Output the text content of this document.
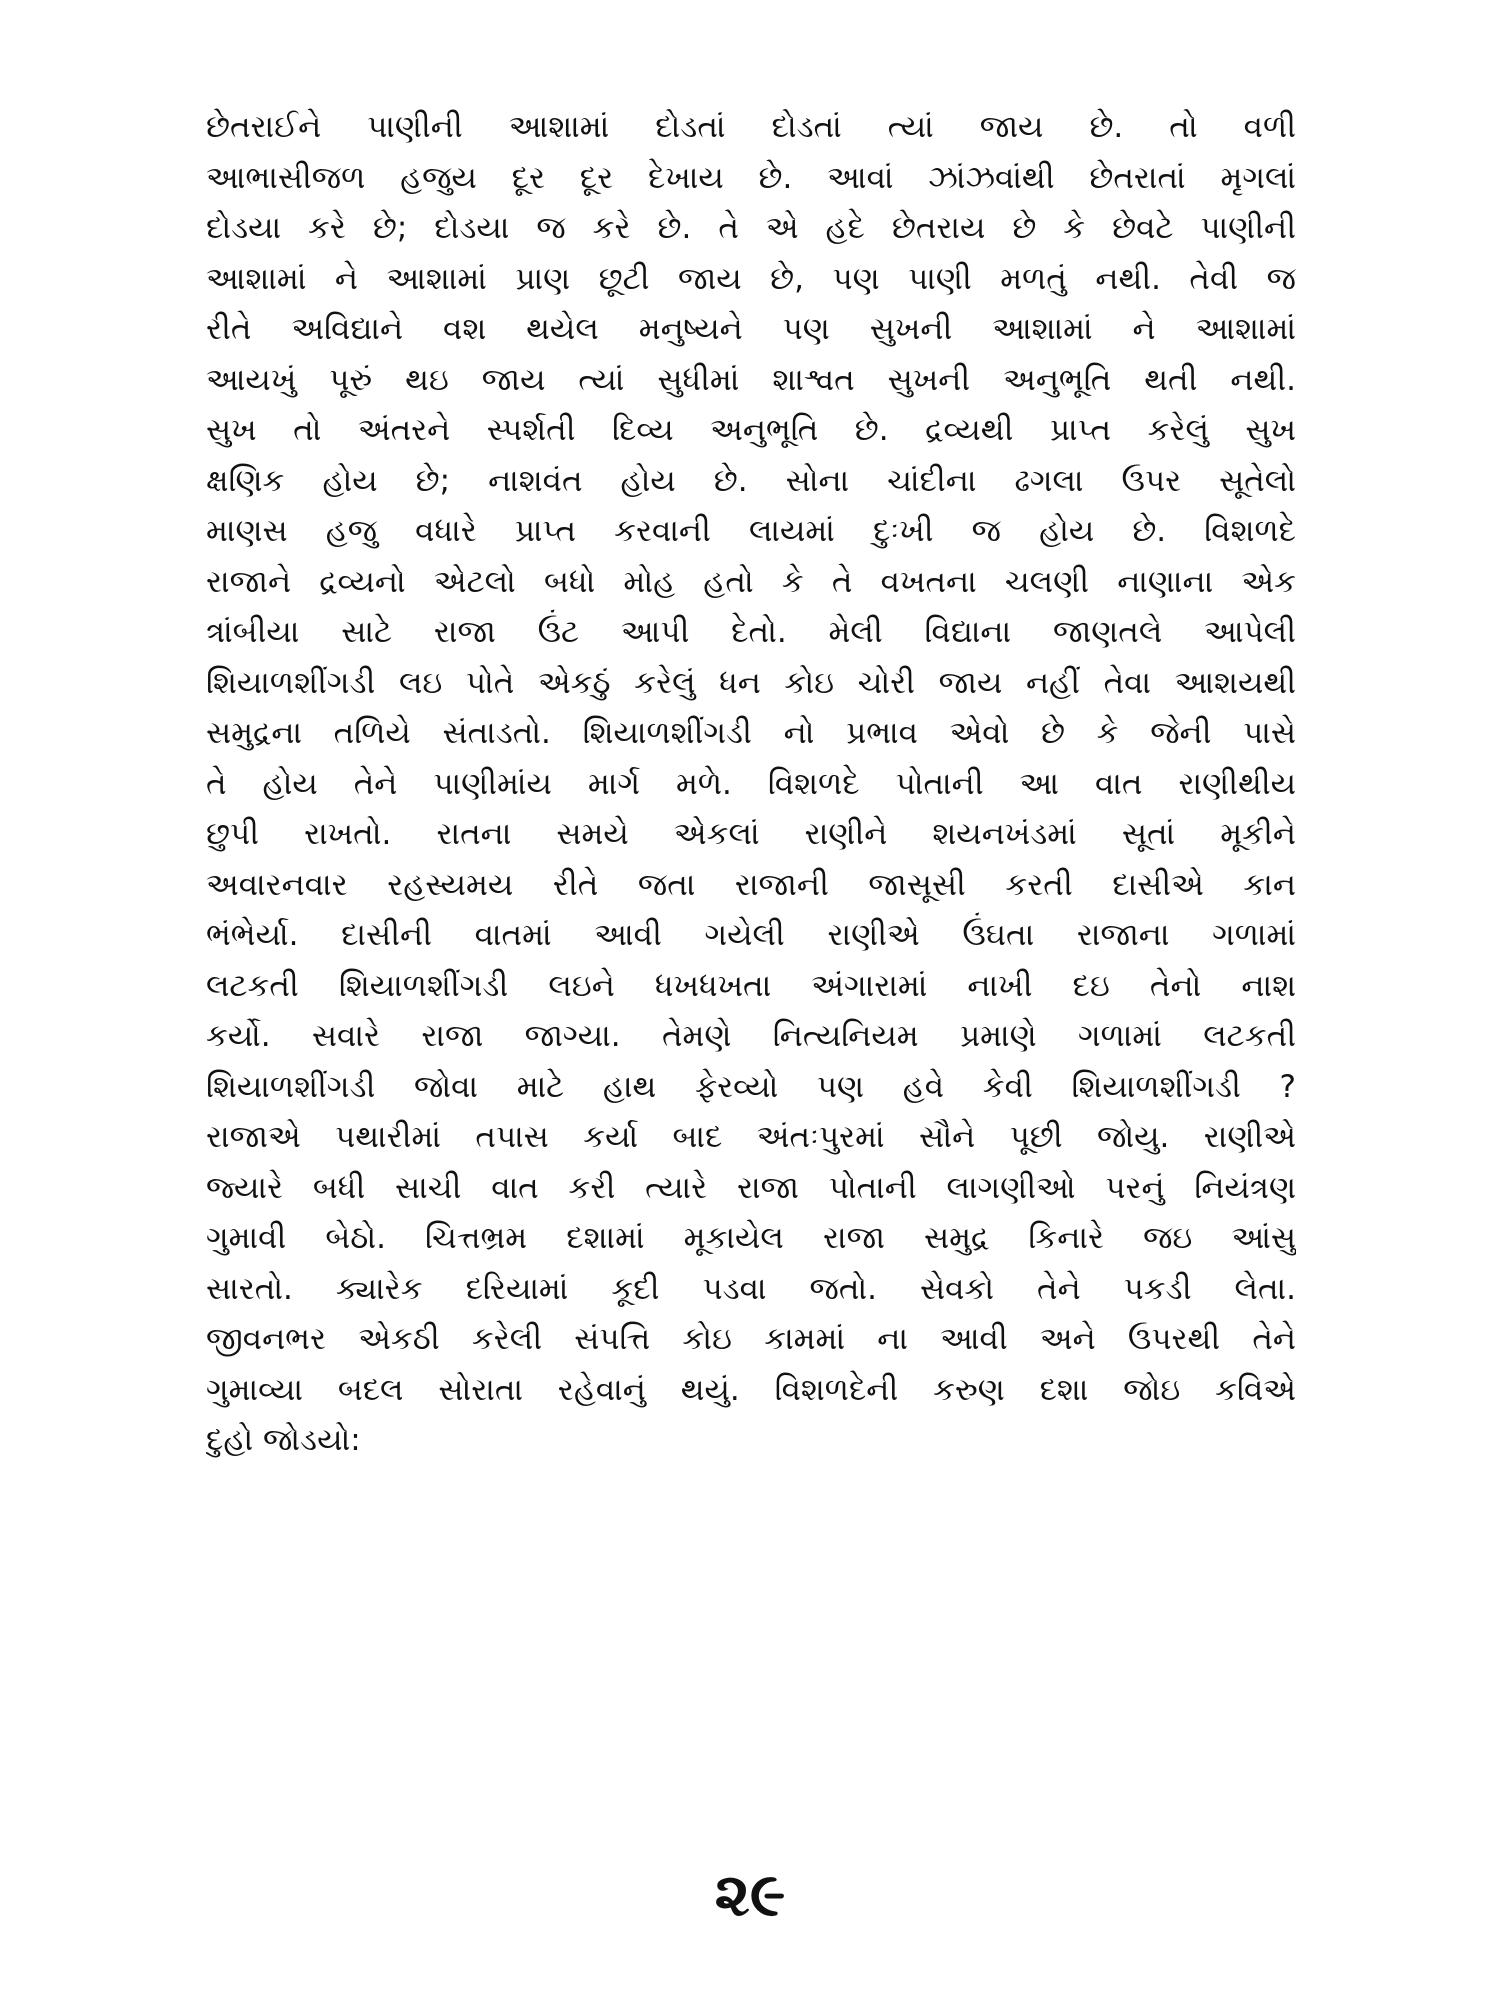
છેતરાઈને પાણીની આશામાં દોડતાં દોડતાં ત્યાં જાય છે. તો વળી
આભાસીજળ હજુય દૂર દૂર દેખાય છે. આવાં ઝાંઝવાંથી છેતરાતાં મૃગલાં
દોડયા કરે છે; દોડયા જ કરે છે. તે એ હદે છેતરાય છે કે છેવટે પાણીની
આશામાં ને આશામાં પ્રાણ છૂટી જાય છે, પણ પાણી મળતું નથી. તેવી જ
રીતે અવિદ્યાને વશ થયેલ મનુષ્યને પણ સુખની આશામાં ને આશામાં
આયખું પૂરું થઇ જાય ત્યાં સુધીમાં શાશ્વત સુખની અનુભૂતિ થતી નથી.
સુખ તો અંતરને સ્પર્શતી દિવ્ય અનુભૂતિ છે. દ્રવ્યથી પ્રાપ્ત કરેલું સુખ
ક્ષણિક હોય છે; નાશવંત હોય છે. સોના ચાંદીના ઢગલા ઉપર સૂતેલો
માણસ હજુ વધારે પ્રાપ્ત કરવાની લાયમાં દુઃખી જ હોય છે. વિશળદે
રાજાને દ્રવ્યનો એટલો બધો મોહ હતો કે તે વખતના ચલણી નાણાના એક
ત્રાંબીયા સાટે રાજા ઉંટ આપી દેતો. મેલી વિદ્યાના જાણતલે આપેલી
શિયાળશીંગડી લઇ પોતે એકઠું કરેલું ધન કોઇ ચોરી જાય નહીં તેવા આશયથી
સમુદ્રના તળિયે સંતાડતો. શિયાળશીંગડી નો પ્રભાવ એવો છે કે જેની પાસે
તે હોય તેને પાણીમાંય માર્ગ મળે. વિશળદે પોતાની આ વાત રાણીથીય
છુપી રાખતો. રાતના સમયે એકલાં રાણીને શયનખંડમાં સૂતાં મૂકીને
અવારનવાર રહસ્યમય રીતે જતા રાજાની જાસૂસી કરતી દાસીએ કાન
ભંભેર્યા. દાસીની વાતમાં આવી ગયેલી રાણીએ ઉંઘતા રાજાના ગળામાં
લટકતી શિયાળશીંગડી લઇને ધખધખતા અંગારામાં નાખી દઇ તેનો નાશ
કર્યો. સવારે રાજા જાગ્યા. તેમણે નિત્યનિયમ પ્રમાણે ગળામાં લટકતી
શિયાળશીંગડી જોવા માટે હાથ ફેરવ્યો પણ હવે કેવી શિયાળશીંગડી ?
રાજાએ પથારીમાં તપાસ કર્યા બાદ અંતઃપુરમાં સૌને પૂછી જોયુ. રાણીએ
જ્યારે બધી સાચી વાત કરી ત્યારે રાજા પોતાની લાગણીઓ પરનું નિયંત્રણ
ગુમાવી બેઠો. ચિત્તભ્રમ દશામાં મૂકાયેલ રાજા સમુદ્ર કિનારે જઇ આંસુ
સારતો. ક્યારેક દરિયામાં કૂદી પડવા જતો. સેવકો તેને પકડી લેતા.
જીવનભર એકઠી કરેલી સંપત્તિ કોઇ કામમાં ના આવી અને ઉપરથી તેને
ગુમાવ્યા બદલ સોરાતા રહેવાનું થયું. વિશળદેની કરુણ દશા જોઇ કવિએ
દુહો જોડયો:
૨૯
